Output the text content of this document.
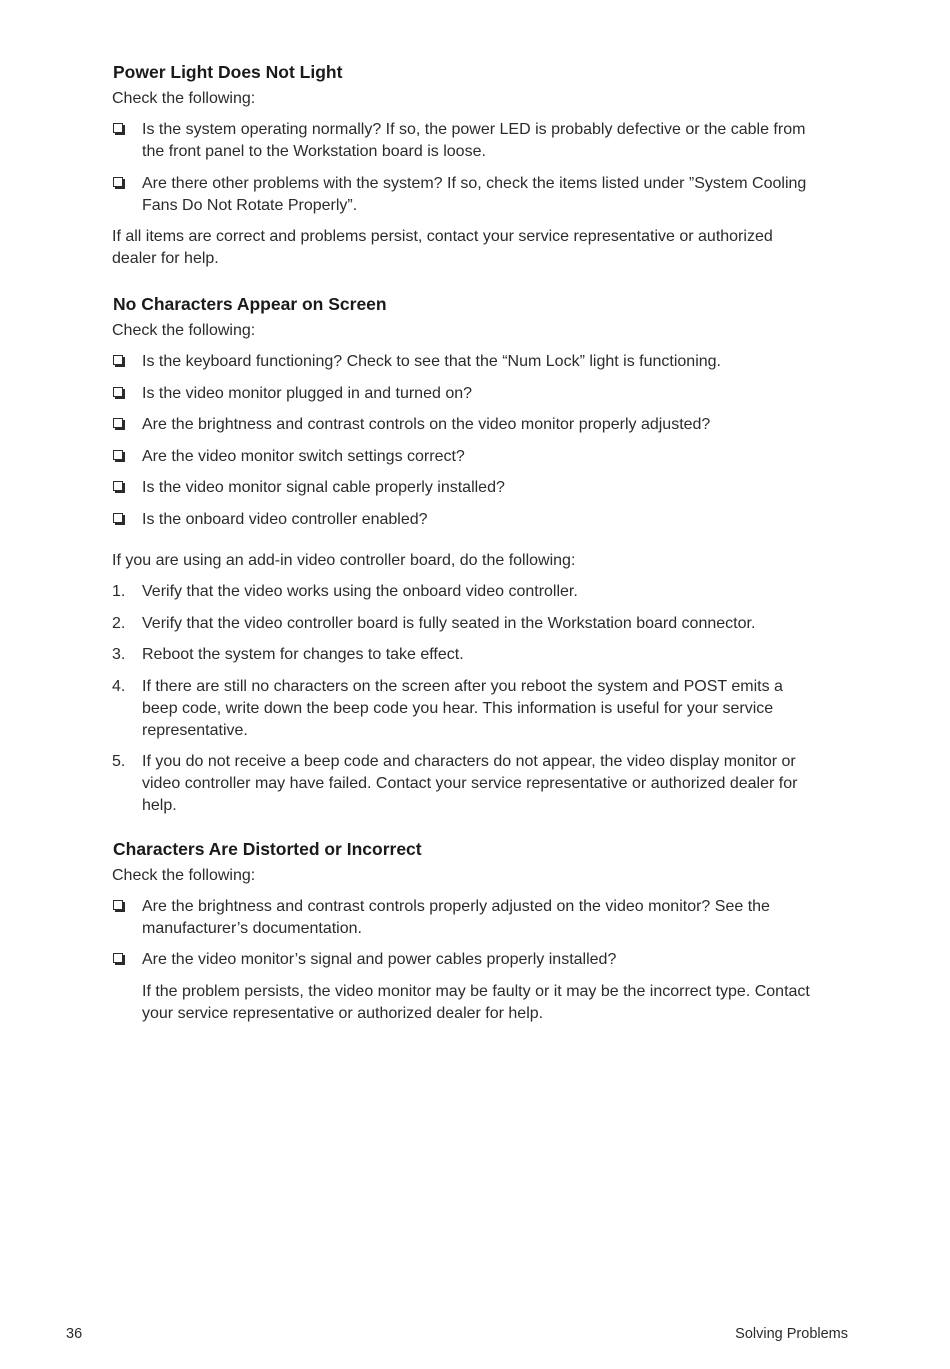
Power Light Does Not Light
Check the following:
Is the system operating normally? If so, the power LED is probably defective or the cable from the front panel to the Workstation board is loose.
Are there other problems with the system? If so, check the items listed under ”System Cooling Fans Do Not Rotate Properly”.

If all items are correct and problems persist, contact your service representative or authorized dealer for help.

No Characters Appear on Screen
Check the following:
Is the keyboard functioning? Check to see that the “Num Lock” light is functioning.
Is the video monitor plugged in and turned on?
Are the brightness and contrast controls on the video monitor properly adjusted?
Are the video monitor switch settings correct?
Is the video monitor signal cable properly installed?
Is the onboard video controller enabled?
If you are using an add-in video controller board, do the following:
1. Verify that the video works using the onboard video controller.
2. Verify that the video controller board is fully seated in the Workstation board connector.
3. Reboot the system for changes to take effect.
4. If there are still no characters on the screen after you reboot the system and POST emits a beep code, write down the beep code you hear. This information is useful for your service representative.
5. If you do not receive a beep code and characters do not appear, the video display monitor or video controller may have failed. Contact your service representative or authorized dealer for help.
Characters Are Distorted or Incorrect
Check the following:
Are the brightness and contrast controls properly adjusted on the video monitor? See the manufacturer’s documentation.
Are the video monitor’s signal and power cables properly installed?

If the problem persists, the video monitor may be faulty or it may be the incorrect type. Contact your service representative or authorized dealer for help.

36	Solving Problems
